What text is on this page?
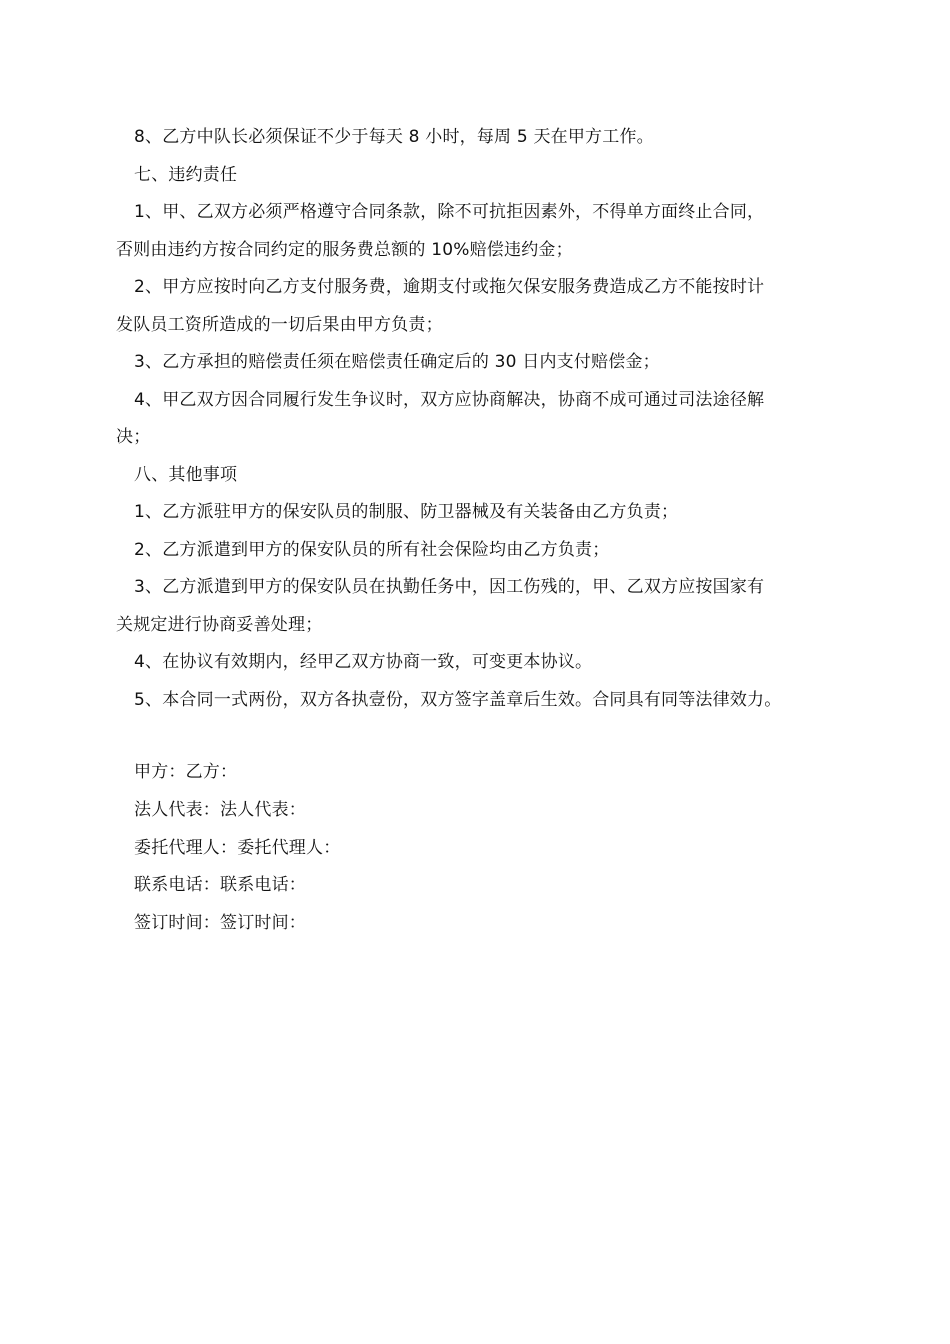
8、乙方中队长必须保证不少于每天 8 小时，每周 5 天在甲方工作。
七、违约责任
1、甲、乙双方必须严格遵守合同条款，除不可抗拒因素外，不得单方面终止合同，
否则由违约方按合同约定的服务费总额的 10%赔偿违约金；
2、甲方应按时向乙方支付服务费，逾期支付或拖欠保安服务费造成乙方不能按时计
发队员工资所造成的一切后果由甲方负责；
3、乙方承担的赔偿责任须在赔偿责任确定后的 30 日内支付赔偿金；
4、甲乙双方因合同履行发生争议时，双方应协商解决，协商不成可通过司法途径解
决；
八、其他事项
1、乙方派驻甲方的保安队员的制服、防卫器械及有关装备由乙方负责；
2、乙方派遣到甲方的保安队员的所有社会保险均由乙方负责；
3、乙方派遣到甲方的保安队员在执勤任务中，因工伤残的，甲、乙双方应按国家有
关规定进行协商妥善处理；
4、在协议有效期内，经甲乙双方协商一致，可变更本协议。
5、本合同一式两份，双方各执壹份，双方签字盖章后生效。合同具有同等法律效力。
甲方：乙方：
法人代表：法人代表：
委托代理人：委托代理人：
联系电话：联系电话：
签订时间：签订时间：
